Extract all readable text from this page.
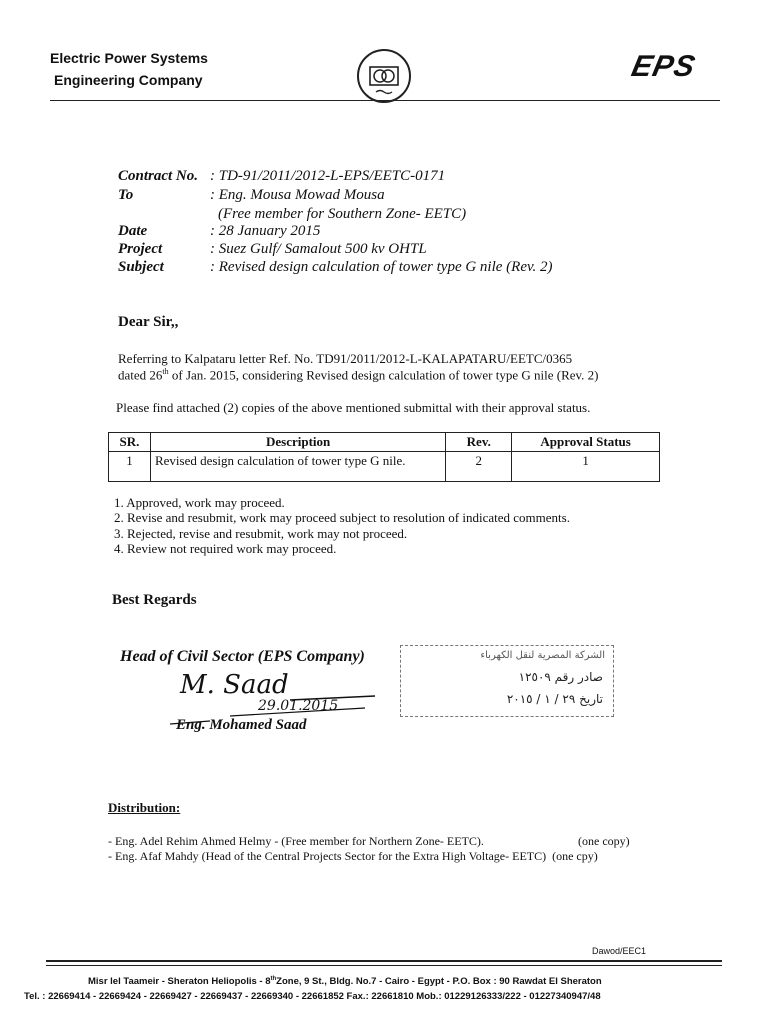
Electric Power Systems
Engineering Company	EPS
Contract No. : TD-91/2011/2012-L-EPS/EETC-0171
To	: Eng. Mousa Mowad Mousa
(Free member for Southern Zone- EETC)
Date	: 28 January 2015
Project	: Suez Gulf/ Samalout 500 kv OHTL
Subject	: Revised design calculation of tower type G nile (Rev. 2)
Dear Sir,,
Referring to Kalpataru letter Ref. No. TD91/2011/2012-L-KALAPATARU/EETC/0365
dated 26th of Jan. 2015, considering Revised design calculation of tower type G nile (Rev. 2)
Please find attached (2) copies of the above mentioned submittal with their approval status.
SR.	Description	Rev.	Approval Status
1	Revised design calculation of tower type G nile.	2	1
1. Approved, work may proceed.
2. Revise and resubmit, work may proceed subject to resolution of indicated comments.
3. Rejected, revise and resubmit, work may not proceed.
4. Review not required work may proceed.
Best Regards
Head of Civil Sector (EPS Company)
M. Saad
29.01.2015
Eng. Mohamed Saad
الشركة المصرية لنقل الكهرباء
صادر رقم ١٢٥٠٩
تاريخ ٢٩ / ١ / ٢٠١٥
Distribution:
- Eng. Adel Rehim Ahmed Helmy - (Free member for Northern Zone- EETC).	(one copy)
- Eng. Afaf Mahdy (Head of the Central Projects Sector for the Extra High Voltage- EETC) (one cpy)
Dawod/EEC1
Misr lel Taameir - Sheraton Heliopolis - 8thZone, 9 St., Bldg. No.7 - Cairo - Egypt - P.O. Box : 90 Rawdat El Sheraton
Tel. : 22669414 - 22669424 - 22669427 - 22669437 - 22669340 - 22661852 Fax.: 22661810 Mob.: 01229126333/222 - 01227340947/48
